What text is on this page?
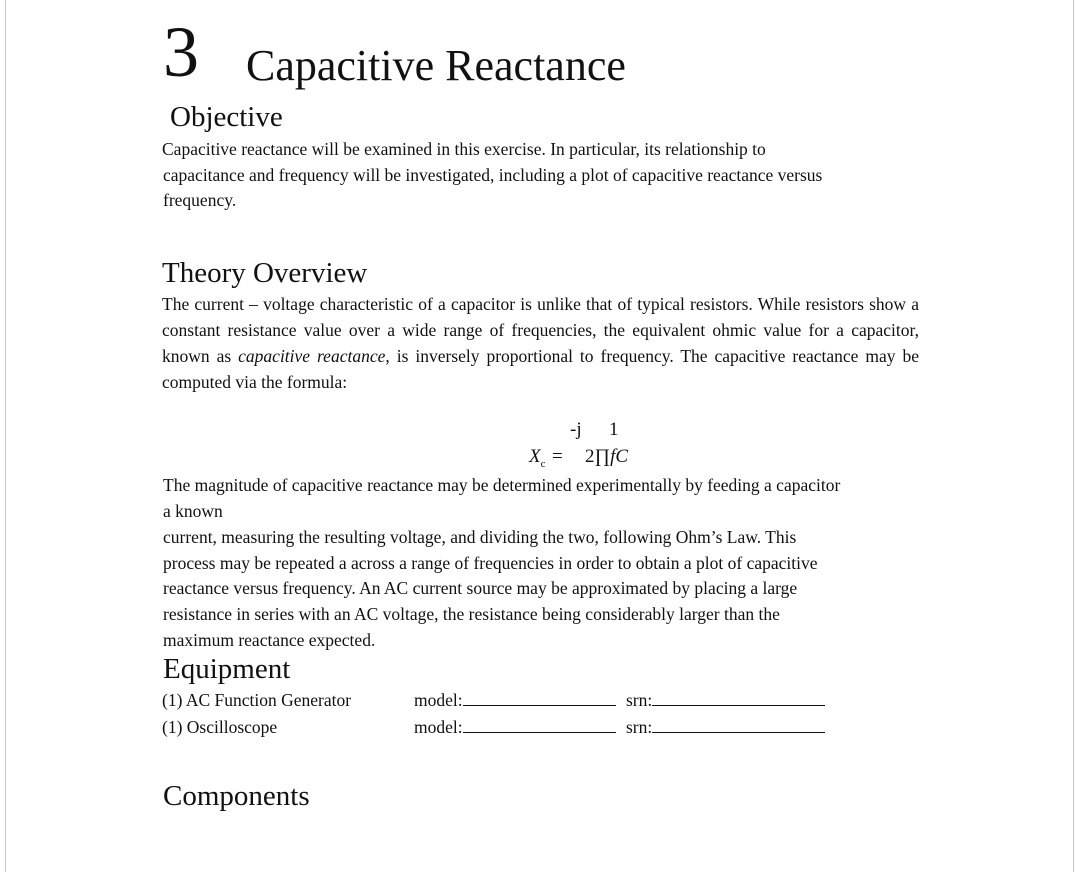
3 Capacitive Reactance
Objective
Capacitive reactance will be examined in this exercise. In particular, its relationship to
capacitance and frequency will be investigated, including a plot of capacitive reactance versus
frequency.
Theory Overview

The current – voltage characteristic of a capacitor is unlike that of typical resistors. While resistors show a constant resistance value over a wide range of frequencies, the equivalent ohmic value for a capacitor, known as capacitive reactance, is inversely proportional to frequency. The capacitive reactance may be computed via the formula:

-j 1
$X_c$ = 2∏fC
The magnitude of capacitive reactance may be determined experimentally by feeding a capacitor
a known
current, measuring the resulting voltage, and dividing the two, following Ohm’s Law. This
process may be repeated a across a range of frequencies in order to obtain a plot of capacitive
reactance versus frequency. An AC current source may be approximated by placing a large
resistance in series with an AC voltage, the resistance being considerably larger than the
maximum reactance expected.
Equipment
(1) AC Function Generator	model:	srn:
(1) Oscilloscope	model:	srn:
Components
